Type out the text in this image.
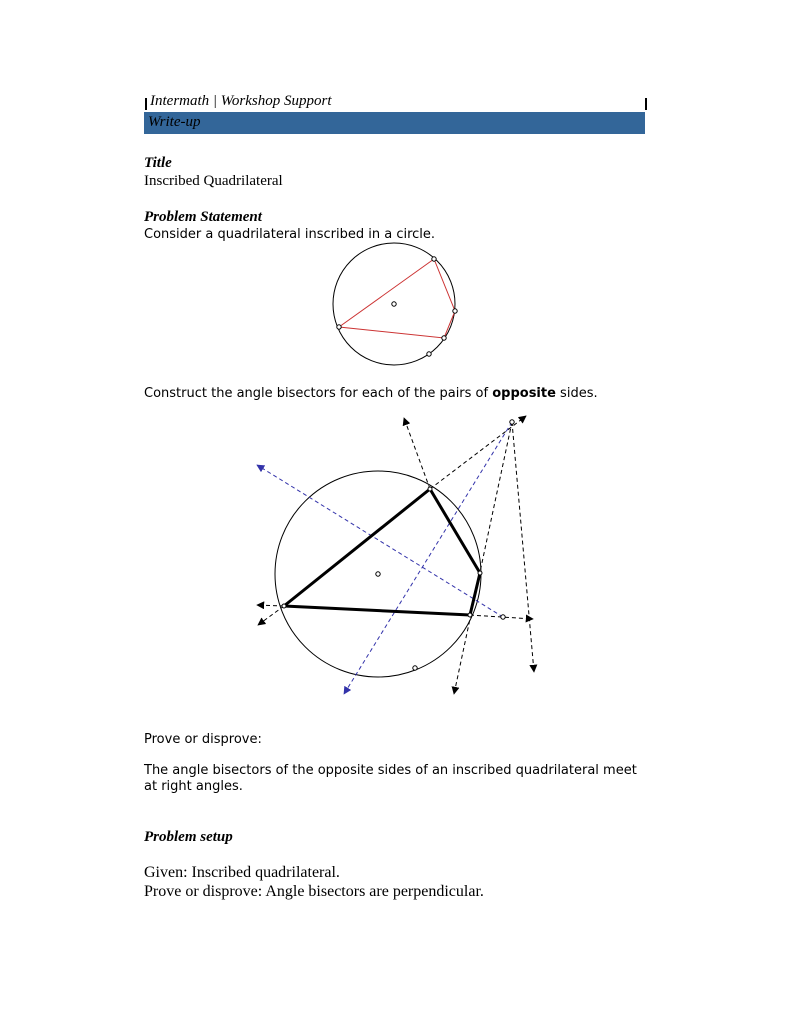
Intermath | Workshop Support
Write-up
Title
Inscribed Quadrilateral
Problem Statement
Consider a quadrilateral inscribed in a circle.
Construct the angle bisectors for each of the pairs of opposite sides.
Prove or disprove:
The angle bisectors of the opposite sides of an inscribed quadrilateral meet
at right angles.
Problem setup
Given: Inscribed quadrilateral.
Prove or disprove: Angle bisectors are perpendicular.
